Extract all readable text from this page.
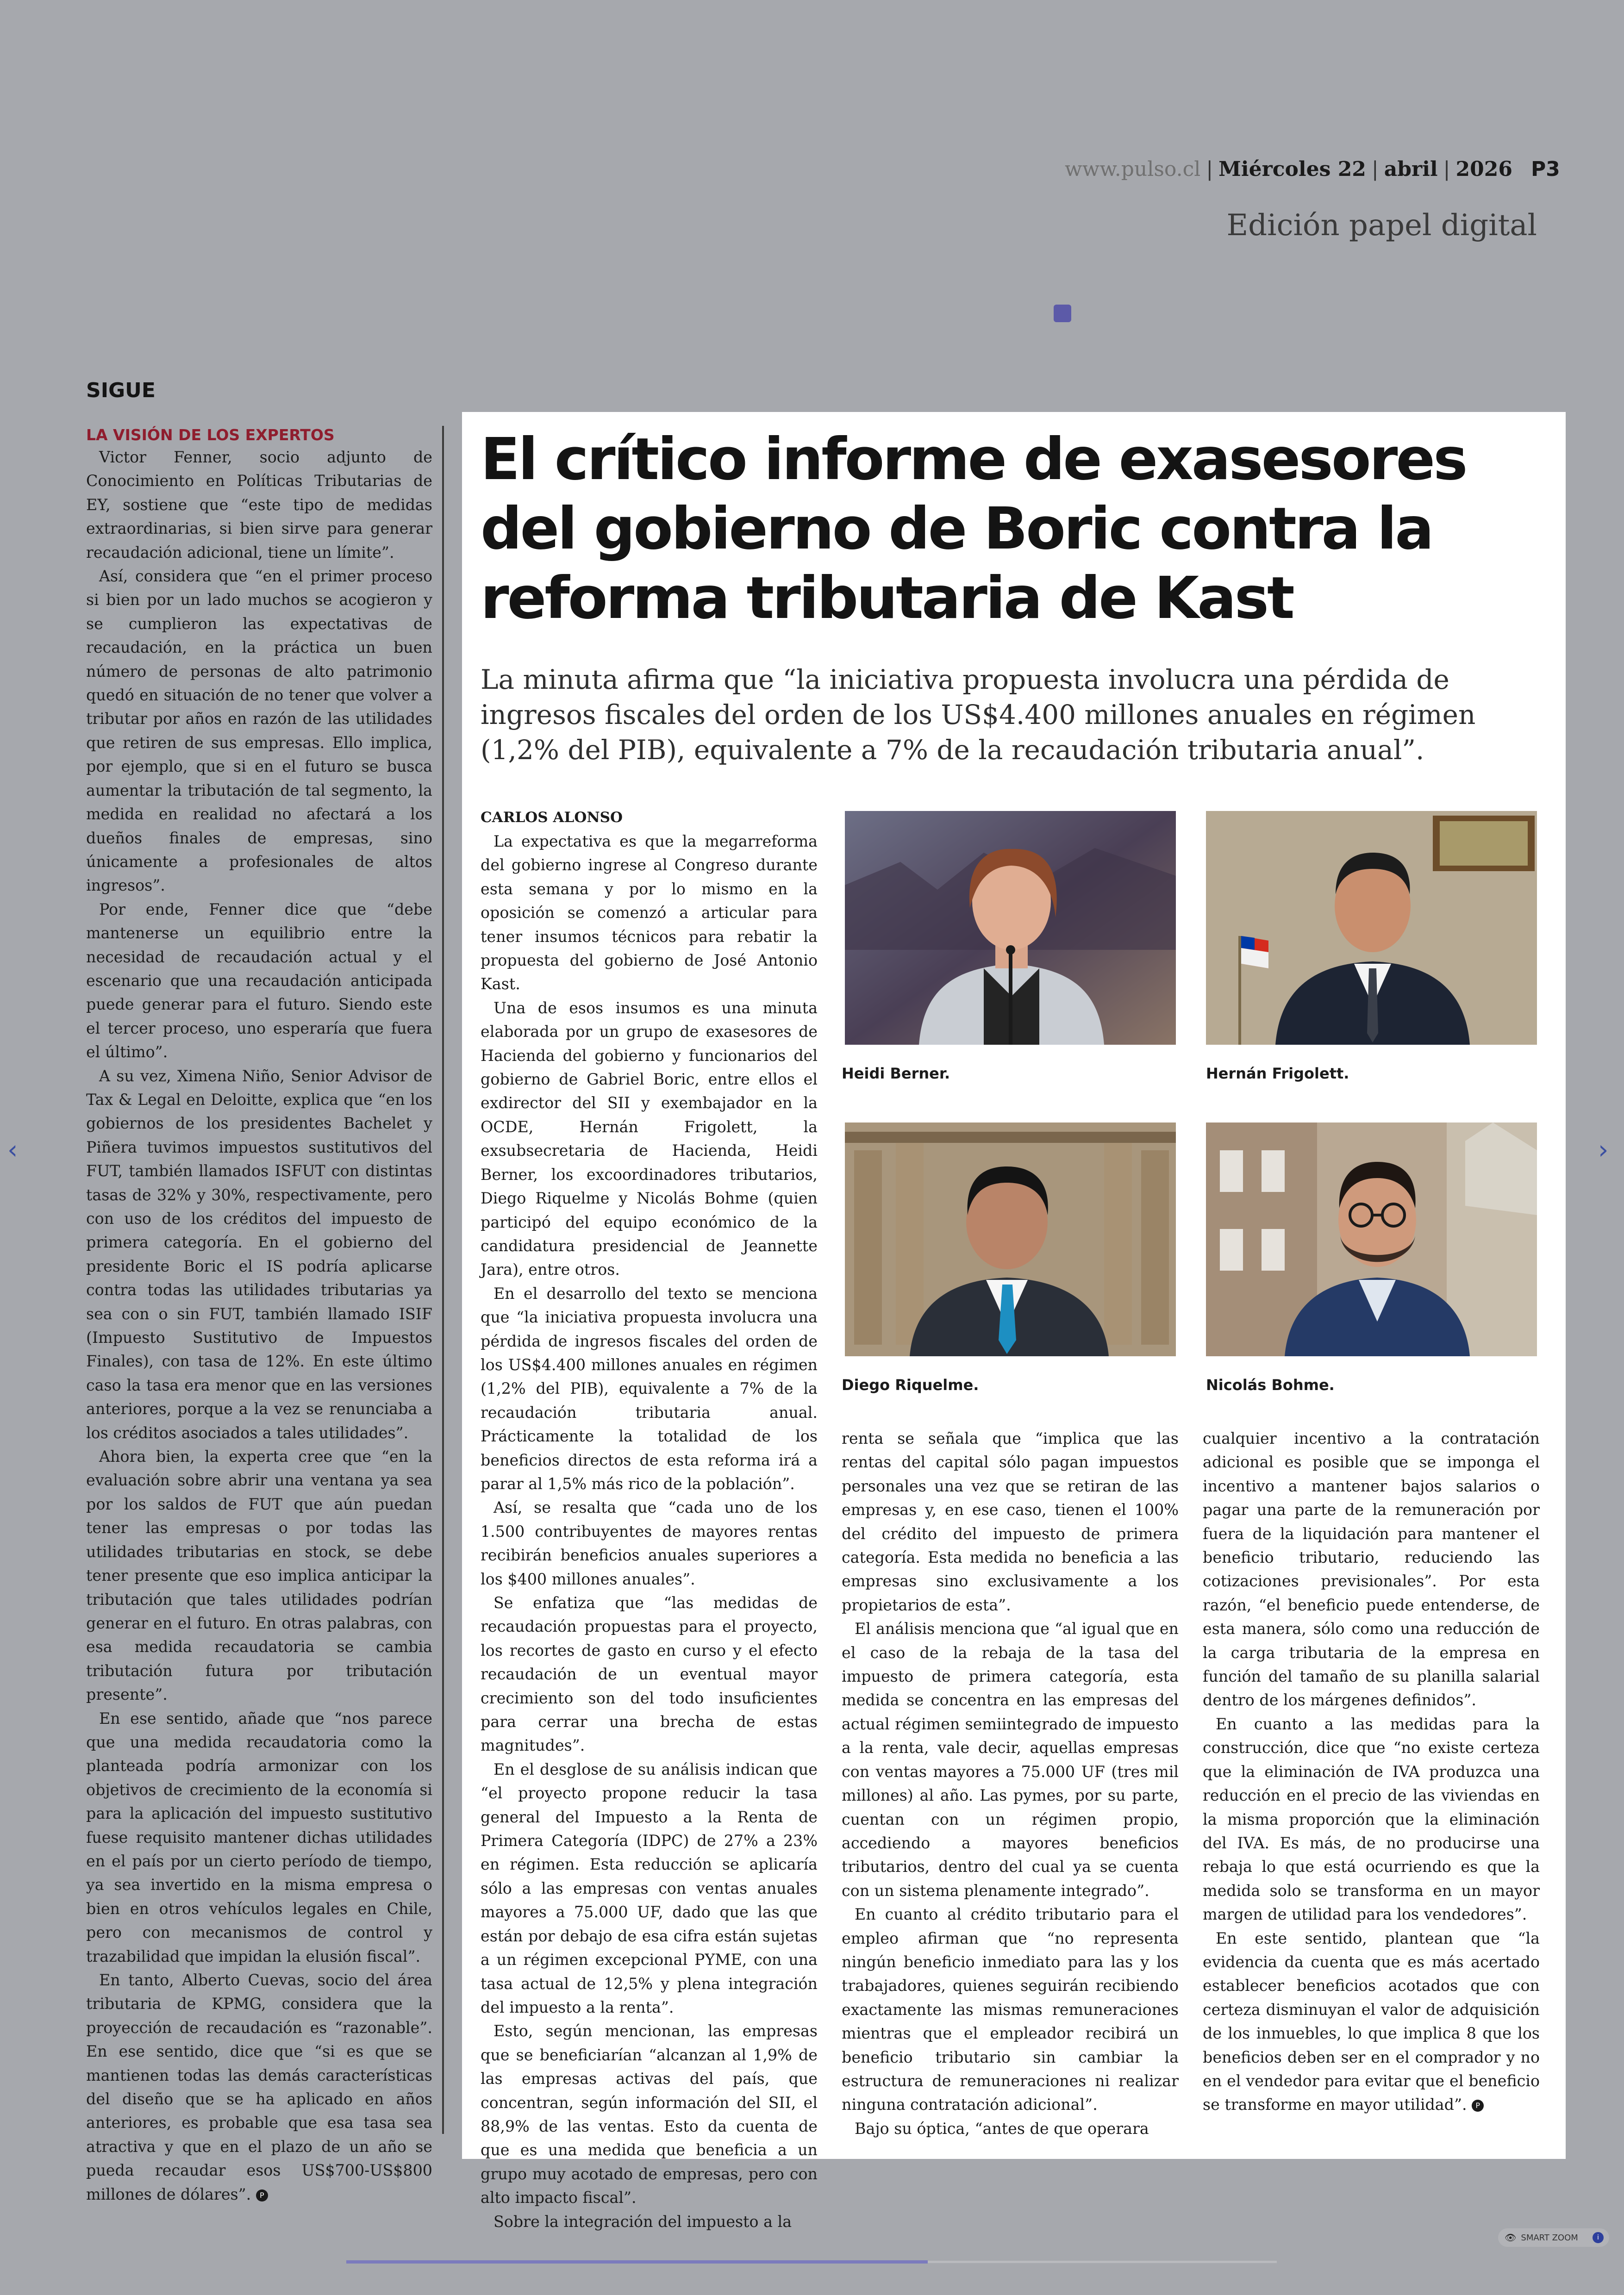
www.pulso.cl | Miércoles 22 | abril | 2026 P3
Edición papel digital
SIGUE
LA VISIÓN DE LOS EXPERTOS

Victor Fenner, socio adjunto de Conocimiento en Políticas Tributarias de EY, sostiene que “este tipo de medidas extraordinarias, si bien sirve para generar recaudación adicional, tiene un límite”.

Así, considera que “en el primer proceso si bien por un lado muchos se acogieron y se cumplieron las expectativas de recaudación, en la práctica un buen número de personas de alto patrimonio quedó en situación de no tener que volver a tributar por años en razón de las utilidades que retiren de sus empresas. Ello implica, por ejemplo, que si en el futuro se busca aumentar la tributación de tal segmento, la medida en realidad no afectará a los dueños finales de empresas, sino únicamente a profesionales de altos ingresos”.

Por ende, Fenner dice que “debe mantenerse un equilibrio entre la necesidad de recaudación actual y el escenario que una recaudación anticipada puede generar para el futuro. Siendo este el tercer proceso, uno esperaría que fuera el último”.

A su vez, Ximena Niño, Senior Advisor de Tax & Legal en Deloitte, explica que “en los gobiernos de los presidentes Bachelet y Piñera tuvimos impuestos sustitutivos del FUT, también llamados ISFUT con distintas tasas de 32% y 30%, respectivamente, pero con uso de los créditos del impuesto de primera categoría. En el gobierno del presidente Boric el IS podría aplicarse contra todas las utilidades tributarias ya sea con o sin FUT, también llamado ISIF (Impuesto Sustitutivo de Impuestos Finales), con tasa de 12%. En este último caso la tasa era menor que en las versiones anteriores, porque a la vez se renunciaba a los créditos asociados a tales utilidades”.

Ahora bien, la experta cree que “en la evaluación sobre abrir una ventana ya sea por los saldos de FUT que aún puedan tener las empresas o por todas las utilidades tributarias en stock, se debe tener presente que eso implica anticipar la tributación que tales utilidades podrían generar en el futuro. En otras palabras, con esa medida recaudatoria se cambia tributación futura por tributación presente”.

En ese sentido, añade que “nos parece que una medida recaudatoria como la planteada podría armonizar con los objetivos de crecimiento de la economía si para la aplicación del impuesto sustitutivo fuese requisito mantener dichas utilidades en el país por un cierto período de tiempo, ya sea invertido en la misma empresa o bien en otros vehículos legales en Chile, pero con mecanismos de control y trazabilidad que impidan la elusión fiscal”.

En tanto, Alberto Cuevas, socio del área tributaria de KPMG, considera que la proyección de recaudación es “razonable”. En ese sentido, dice que “si es que se mantienen todas las demás características del diseño que se ha aplicado en años anteriores, es probable que esa tasa sea atractiva y que en el plazo de un año se pueda recaudar esos US$700-US$800 millones de dólares”. P

El crítico informe de exasesores del gobierno de Boric contra la reforma tributaria de Kast

La minuta afirma que “la iniciativa propuesta involucra una pérdida de ingresos fiscales del orden de los US$4.400 millones anuales en régimen (1,2% del PIB), equivalente a 7% de la recaudación tributaria anual”.

CARLOS ALONSO

La expectativa es que la megarreforma del gobierno ingrese al Congreso durante esta semana y por lo mismo en la oposición se comenzó a articular para tener insumos técnicos para rebatir la propuesta del gobierno de José Antonio Kast.

Una de esos insumos es una minuta elaborada por un grupo de exasesores de Hacienda del gobierno y funcionarios del gobierno de Gabriel Boric, entre ellos el exdirector del SII y exembajador en la OCDE, Hernán Frigolett, la exsubsecretaria de Hacienda, Heidi Berner, los excoordinadores tributarios, Diego Riquelme y Nicolás Bohme (quien participó del equipo económico de la candidatura presidencial de Jeannette Jara), entre otros.

En el desarrollo del texto se menciona que “la iniciativa propuesta involucra una pérdida de ingresos fiscales del orden de los US$4.400 millones anuales en régimen (1,2% del PIB), equivalente a 7% de la recaudación tributaria anual. Prácticamente la totalidad de los beneficios directos de esta reforma irá a parar al 1,5% más rico de la población”.

Así, se resalta que “cada uno de los 1.500 contribuyentes de mayores rentas recibirán beneficios anuales superiores a los $400 millones anuales”.

Se enfatiza que “las medidas de recaudación propuestas para el proyecto, los recortes de gasto en curso y el efecto recaudación de un eventual mayor crecimiento son del todo insuficientes para cerrar una brecha de estas magnitudes”.

En el desglose de su análisis indican que “el proyecto propone reducir la tasa general del Impuesto a la Renta de Primera Categoría (IDPC) de 27% a 23% en régimen. Esta reducción se aplicaría sólo a las empresas con ventas anuales mayores a 75.000 UF, dado que las que están por debajo de esa cifra están sujetas a un régimen excepcional PYME, con una tasa actual de 12,5% y plena integración del impuesto a la renta”.

Esto, según mencionan, las empresas que se beneficiarían “alcanzan al 1,9% de las empresas activas del país, que concentran, según información del SII, el 88,9% de las ventas. Esto da cuenta de que es una medida que beneficia a un grupo muy acotado de empresas, pero con alto impacto fiscal”.

Sobre la integración del impuesto a la

renta se señala que “implica que las rentas del capital sólo pagan impuestos personales una vez que se retiran de las empresas y, en ese caso, tienen el 100% del crédito del impuesto de primera categoría. Esta medida no beneficia a las empresas sino exclusivamente a los propietarios de esta”.

El análisis menciona que “al igual que en el caso de la rebaja de la tasa del impuesto de primera categoría, esta medida se concentra en las empresas del actual régimen semiintegrado de impuesto a la renta, vale decir, aquellas empresas con ventas mayores a 75.000 UF (tres mil millones) al año. Las pymes, por su parte, cuentan con un régimen propio, accediendo a mayores beneficios tributarios, dentro del cual ya se cuenta con un sistema plenamente integrado”.

En cuanto al crédito tributario para el empleo afirman que “no representa ningún beneficio inmediato para las y los trabajadores, quienes seguirán recibiendo exactamente las mismas remuneraciones mientras que el empleador recibirá un beneficio tributario sin cambiar la estructura de remuneraciones ni realizar ninguna contratación adicional”.

Bajo su óptica, “antes de que operara

cualquier incentivo a la contratación adicional es posible que se imponga el incentivo a mantener bajos salarios o pagar una parte de la remuneración por fuera de la liquidación para mantener el beneficio tributario, reduciendo las cotizaciones previsionales”. Por esta razón, “el beneficio puede entenderse, de esta manera, sólo como una reducción de la carga tributaria de la empresa en función del tamaño de su planilla salarial dentro de los márgenes definidos”.

En cuanto a las medidas para la construcción, dice que “no existe certeza que la eliminación de IVA produzca una reducción en el precio de las viviendas en la misma proporción que la eliminación del IVA. Es más, de no producirse una rebaja lo que está ocurriendo es que la medida solo se transforma en un mayor margen de utilidad para los vendedores”.

En este sentido, plantean que “la evidencia da cuenta que es más acertado establecer beneficios acotados que con certeza disminuyan el valor de adquisición de los inmuebles, lo que implica 8 que los beneficios deben ser en el comprador y no en el vendedor para evitar que el beneficio se transforme en mayor utilidad”. P

Heidi Berner.	Hernán Frigolett.
Diego Riquelme.	Nicolás Bohme.
‹	›
👁 SMART ZOOM	i
